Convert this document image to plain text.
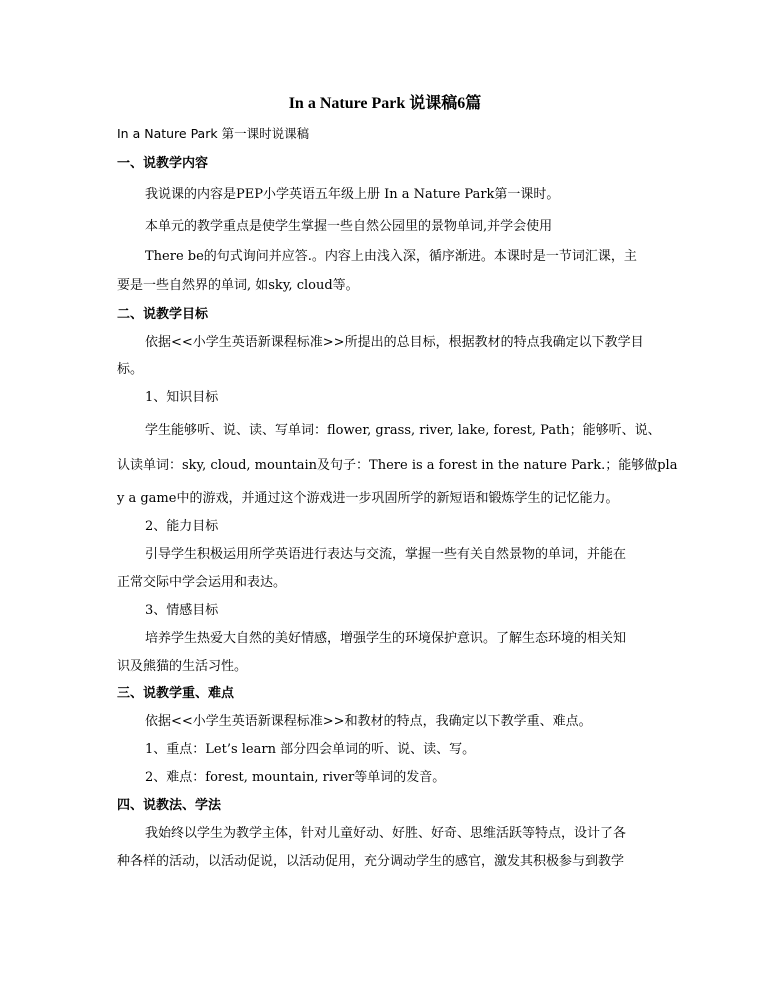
In a Nature Park 说课稿6篇
In a Nature Park 第一课时说课稿
一、说教学内容
我说课的内容是PEP小学英语五年级上册 In a Nature Park第一课时。
本单元的教学重点是使学生掌握一些自然公园里的景物单词,并学会使用
There be的句式询问并应答.。内容上由浅入深，循序渐进。本课时是一节词汇课，主
要是一些自然界的单词, 如sky, cloud等。
二、说教学目标
依据<<小学生英语新课程标准>>所提出的总目标，根据教材的特点我确定以下教学目
标。
1、知识目标
学生能够听、说、读、写单词：flower, grass, river, lake, forest, Path；能够听、说、
认读单词：sky, cloud, mountain及句子：There is a forest in the nature Park.；能够做pla
y a game中的游戏，并通过这个游戏进一步巩固所学的新短语和锻炼学生的记忆能力。
2、能力目标
引导学生积极运用所学英语进行表达与交流，掌握一些有关自然景物的单词，并能在
正常交际中学会运用和表达。
3、情感目标
培养学生热爱大自然的美好情感，增强学生的环境保护意识。了解生态环境的相关知
识及熊猫的生活习性。
三、说教学重、难点
依据<<小学生英语新课程标准>>和教材的特点，我确定以下教学重、难点。
1、重点：Let’s learn 部分四会单词的听、说、读、写。
2、难点：forest, mountain, river等单词的发音。
四、说教法、学法
我始终以学生为教学主体，针对儿童好动、好胜、好奇、思维活跃等特点，设计了各
种各样的活动，以活动促说，以活动促用，充分调动学生的感官，激发其积极参与到教学
